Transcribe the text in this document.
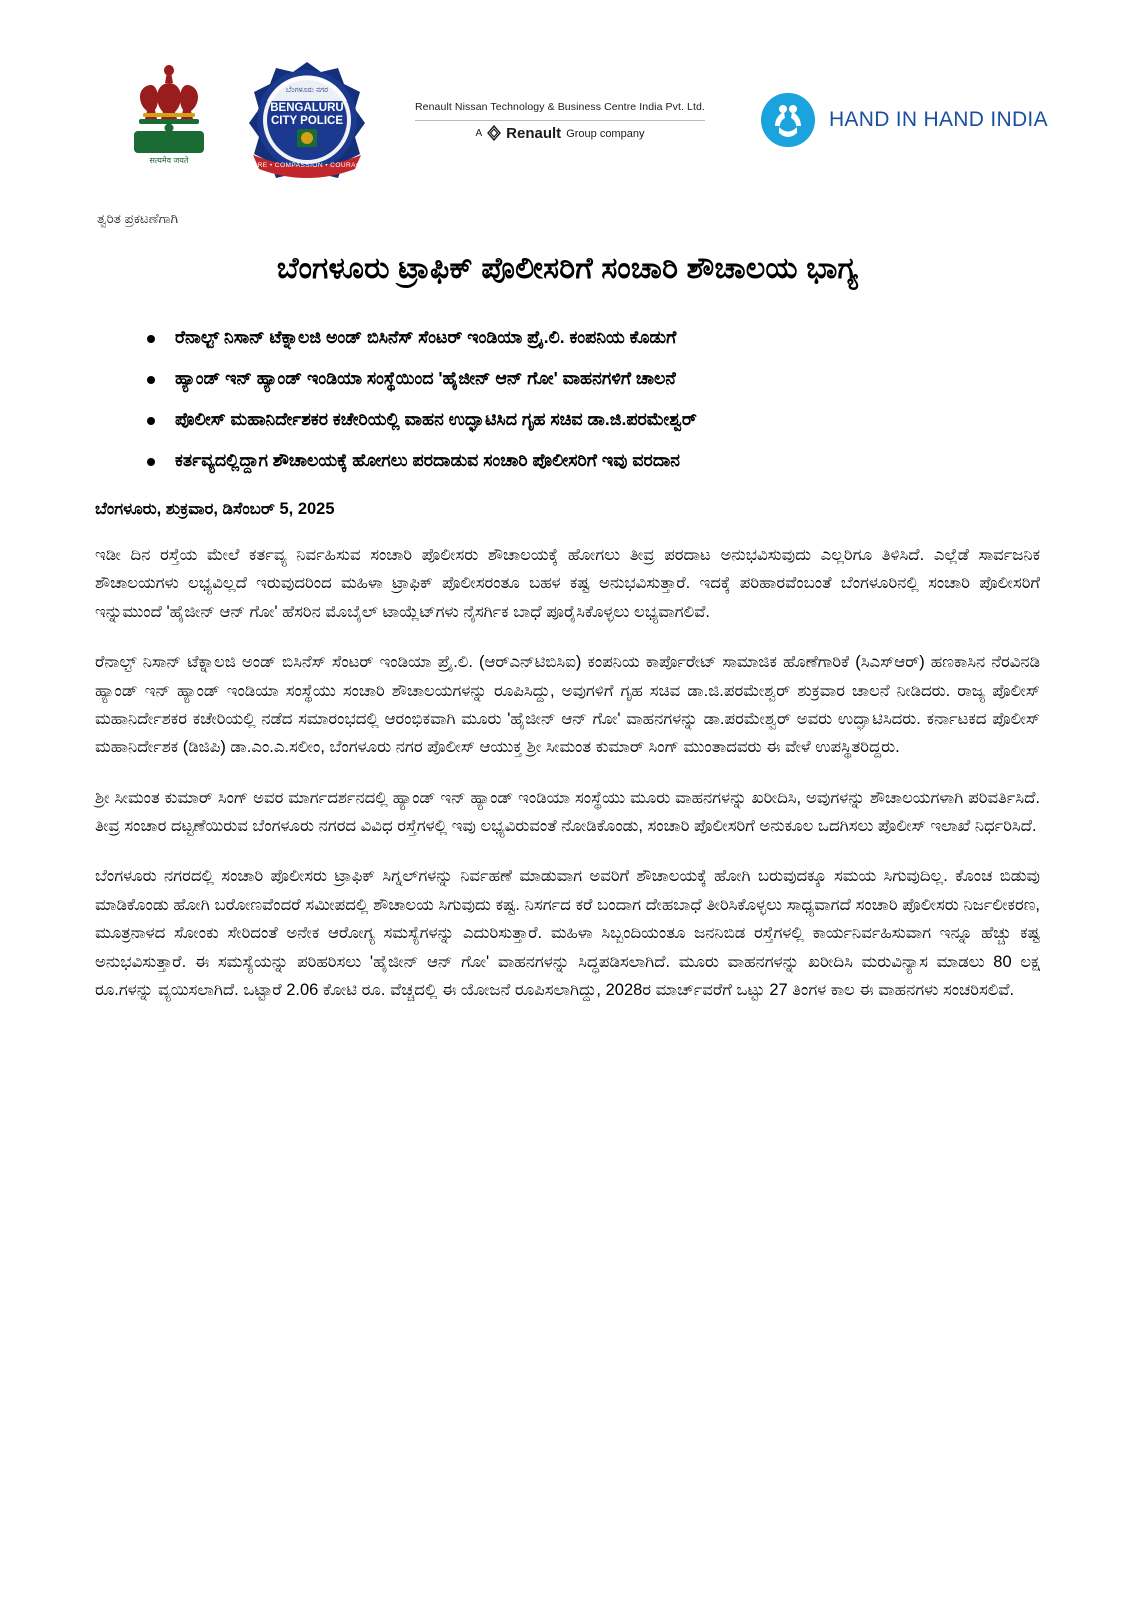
सत्यमेव जयते
ಬೆಂಗಳೂರು ನಗರ
BENGALURU
CITY POLICE
CARE • COMPASSION • COURAGE
Renault Nissan Technology & Business Centre India Pvt. Ltd.
A Renault Group company
HAND IN HAND INDIA
ತ್ವರಿತ ಪ್ರಕಟಣೆಗಾಗಿ
ಬೆಂಗಳೂರು ಟ್ರಾಫಿಕ್ ಪೊಲೀಸರಿಗೆ ಸಂಚಾರಿ ಶೌಚಾಲಯ ಭಾಗ್ಯ
ರೆನಾಲ್ಟ್ ನಿಸಾನ್ ಟೆಕ್ನಾಲಜಿ ಅಂಡ್ ಬಿಸಿನೆಸ್ ಸೆಂಟರ್ ಇಂಡಿಯಾ ಪ್ರೈ.ಲಿ. ಕಂಪನಿಯ ಕೊಡುಗೆ
ಹ್ಯಾಂಡ್ ಇನ್ ಹ್ಯಾಂಡ್ ಇಂಡಿಯಾ ಸಂಸ್ಥೆಯಿಂದ 'ಹೈಜೀನ್ ಆನ್ ಗೋ' ವಾಹನಗಳಿಗೆ ಚಾಲನೆ
ಪೊಲೀಸ್ ಮಹಾನಿರ್ದೇಶಕರ ಕಚೇರಿಯಲ್ಲಿ ವಾಹನ ಉದ್ಘಾಟಿಸಿದ ಗೃಹ ಸಚಿವ ಡಾ.ಜಿ.ಪರಮೇಶ್ವರ್
ಕರ್ತವ್ಯದಲ್ಲಿದ್ದಾಗ ಶೌಚಾಲಯಕ್ಕೆ ಹೋಗಲು ಪರದಾಡುವ ಸಂಚಾರಿ ಪೊಲೀಸರಿಗೆ ಇವು ವರದಾನ
ಬೆಂಗಳೂರು, ಶುಕ್ರವಾರ, ಡಿಸೆಂಬರ್ 5, 2025

ಇಡೀ ದಿನ ರಸ್ತೆಯ ಮೇಲೆ ಕರ್ತವ್ಯ ನಿರ್ವಹಿಸುವ ಸಂಚಾರಿ ಪೊಲೀಸರು ಶೌಚಾಲಯಕ್ಕೆ ಹೋಗಲು ತೀವ್ರ ಪರದಾಟ ಅನುಭವಿಸುವುದು ಎಲ್ಲರಿಗೂ ತಿಳಿಸಿದೆ. ಎಲ್ಲೆಡೆ ಸಾರ್ವಜನಿಕ ಶೌಚಾಲಯಗಳು ಲಭ್ಯವಿಲ್ಲದೆ ಇರುವುದರಿಂದ ಮಹಿಳಾ ಟ್ರಾಫಿಕ್ ಪೊಲೀಸರಂತೂ ಬಹಳ ಕಷ್ಟ ಅನುಭವಿಸುತ್ತಾರೆ. ಇದಕ್ಕೆ ಪರಿಹಾರವೆಂಬಂತೆ ಬೆಂಗಳೂರಿನಲ್ಲಿ ಸಂಚಾರಿ ಪೊಲೀಸರಿಗೆ ಇನ್ನುಮುಂದೆ 'ಹೈಜೀನ್ ಆನ್ ಗೋ' ಹೆಸರಿನ ಮೊಬೈಲ್ ಟಾಯ್ಲೆಟ್‌ಗಳು ನೈಸರ್ಗಿಕ ಬಾಧೆ ಪೂರೈಸಿಕೊಳ್ಳಲು ಲಭ್ಯವಾಗಲಿವೆ.

ರೆನಾಲ್ಟ್ ನಿಸಾನ್ ಟೆಕ್ನಾಲಜಿ ಅಂಡ್ ಬಿಸಿನೆಸ್ ಸೆಂಟರ್ ಇಂಡಿಯಾ ಪ್ರೈ.ಲಿ. (ಆರ್‌ಎನ್‌ಟಿಬಿಸಿಐ) ಕಂಪನಿಯ ಕಾರ್ಪೊರೇಟ್ ಸಾಮಾಜಿಕ ಹೊಣೆಗಾರಿಕೆ (ಸಿಎಸ್‌ಆರ್) ಹಣಕಾಸಿನ ನೆರವಿನಡಿ ಹ್ಯಾಂಡ್ ಇನ್ ಹ್ಯಾಂಡ್ ಇಂಡಿಯಾ ಸಂಸ್ಥೆಯು ಸಂಚಾರಿ ಶೌಚಾಲಯಗಳನ್ನು ರೂಪಿಸಿದ್ದು, ಅವುಗಳಿಗೆ ಗೃಹ ಸಚಿವ ಡಾ.ಜಿ.ಪರಮೇಶ್ವರ್ ಶುಕ್ರವಾರ ಚಾಲನೆ ನೀಡಿದರು. ರಾಜ್ಯ ಪೊಲೀಸ್ ಮಹಾನಿರ್ದೇಶಕರ ಕಚೇರಿಯಲ್ಲಿ ನಡೆದ ಸಮಾರಂಭದಲ್ಲಿ ಆರಂಭಿಕವಾಗಿ ಮೂರು 'ಹೈಜೀನ್ ಆನ್ ಗೋ' ವಾಹನಗಳನ್ನು ಡಾ.ಪರಮೇಶ್ವರ್ ಅವರು ಉದ್ಘಾಟಿಸಿದರು. ಕರ್ನಾಟಕದ ಪೊಲೀಸ್ ಮಹಾನಿರ್ದೇಶಕ (ಡಿಜಿಪಿ) ಡಾ.ಎಂ.ಎ.ಸಲೀಂ, ಬೆಂಗಳೂರು ನಗರ ಪೊಲೀಸ್ ಆಯುಕ್ತ ಶ್ರೀ ಸೀಮಂತ ಕುಮಾರ್ ಸಿಂಗ್ ಮುಂತಾದವರು ಈ ವೇಳೆ ಉಪಸ್ಥಿತರಿದ್ದರು.

ಶ್ರೀ ಸೀಮಂತ ಕುಮಾರ್ ಸಿಂಗ್ ಅವರ ಮಾರ್ಗದರ್ಶನದಲ್ಲಿ ಹ್ಯಾಂಡ್ ಇನ್ ಹ್ಯಾಂಡ್ ಇಂಡಿಯಾ ಸಂಸ್ಥೆಯು ಮೂರು ವಾಹನಗಳನ್ನು ಖರೀದಿಸಿ, ಅವುಗಳನ್ನು ಶೌಚಾಲಯಗಳಾಗಿ ಪರಿವರ್ತಿಸಿದೆ. ತೀವ್ರ ಸಂಚಾರ ದಟ್ಟಣೆಯಿರುವ ಬೆಂಗಳೂರು ನಗರದ ವಿವಿಧ ರಸ್ತೆಗಳಲ್ಲಿ ಇವು ಲಭ್ಯವಿರುವಂತೆ ನೋಡಿಕೊಂಡು, ಸಂಚಾರಿ ಪೊಲೀಸರಿಗೆ ಅನುಕೂಲ ಒದಗಿಸಲು ಪೊಲೀಸ್ ಇಲಾಖೆ ನಿರ್ಧರಿಸಿದೆ.

ಬೆಂಗಳೂರು ನಗರದಲ್ಲಿ ಸಂಚಾರಿ ಪೊಲೀಸರು ಟ್ರಾಫಿಕ್ ಸಿಗ್ನಲ್‌ಗಳನ್ನು ನಿರ್ವಹಣೆ ಮಾಡುವಾಗ ಅವರಿಗೆ ಶೌಚಾಲಯಕ್ಕೆ ಹೋಗಿ ಬರುವುದಕ್ಕೂ ಸಮಯ ಸಿಗುವುದಿಲ್ಲ. ಕೊಂಚ ಬಿಡುವು ಮಾಡಿಕೊಂಡು ಹೋಗಿ ಬರೋಣವೆಂದರೆ ಸಮೀಪದಲ್ಲಿ ಶೌಚಾಲಯ ಸಿಗುವುದು ಕಷ್ಟ. ನಿಸರ್ಗದ ಕರೆ ಬಂದಾಗ ದೇಹಬಾಧೆ ತೀರಿಸಿಕೊಳ್ಳಲು ಸಾಧ್ಯವಾಗದೆ ಸಂಚಾರಿ ಪೊಲೀಸರು ನಿರ್ಜಲೀಕರಣ, ಮೂತ್ರನಾಳದ ಸೋಂಕು ಸೇರಿದಂತೆ ಅನೇಕ ಆರೋಗ್ಯ ಸಮಸ್ಯೆಗಳನ್ನು ಎದುರಿಸುತ್ತಾರೆ. ಮಹಿಳಾ ಸಿಬ್ಬಂದಿಯಂತೂ ಜನನಿಬಿಡ ರಸ್ತೆಗಳಲ್ಲಿ ಕಾರ್ಯನಿರ್ವಹಿಸುವಾಗ ಇನ್ನೂ ಹೆಚ್ಚು ಕಷ್ಟ ಅನುಭವಿಸುತ್ತಾರೆ. ಈ ಸಮಸ್ಯೆಯನ್ನು ಪರಿಹರಿಸಲು 'ಹೈಜೀನ್ ಆನ್ ಗೋ' ವಾಹನಗಳನ್ನು ಸಿದ್ಧಪಡಿಸಲಾಗಿದೆ. ಮೂರು ವಾಹನಗಳನ್ನು ಖರೀದಿಸಿ ಮರುವಿನ್ಯಾಸ ಮಾಡಲು 80 ಲಕ್ಷ ರೂ.ಗಳನ್ನು ವ್ಯಯಿಸಲಾಗಿದೆ. ಒಟ್ಟಾರೆ 2.06 ಕೋಟಿ ರೂ. ವೆಚ್ಚದಲ್ಲಿ ಈ ಯೋಜನೆ ರೂಪಿಸಲಾಗಿದ್ದು, 2028ರ ಮಾರ್ಚ್‌ವರೆಗೆ ಒಟ್ಟು 27 ತಿಂಗಳ ಕಾಲ ಈ ವಾಹನಗಳು ಸಂಚರಿಸಲಿವೆ.
